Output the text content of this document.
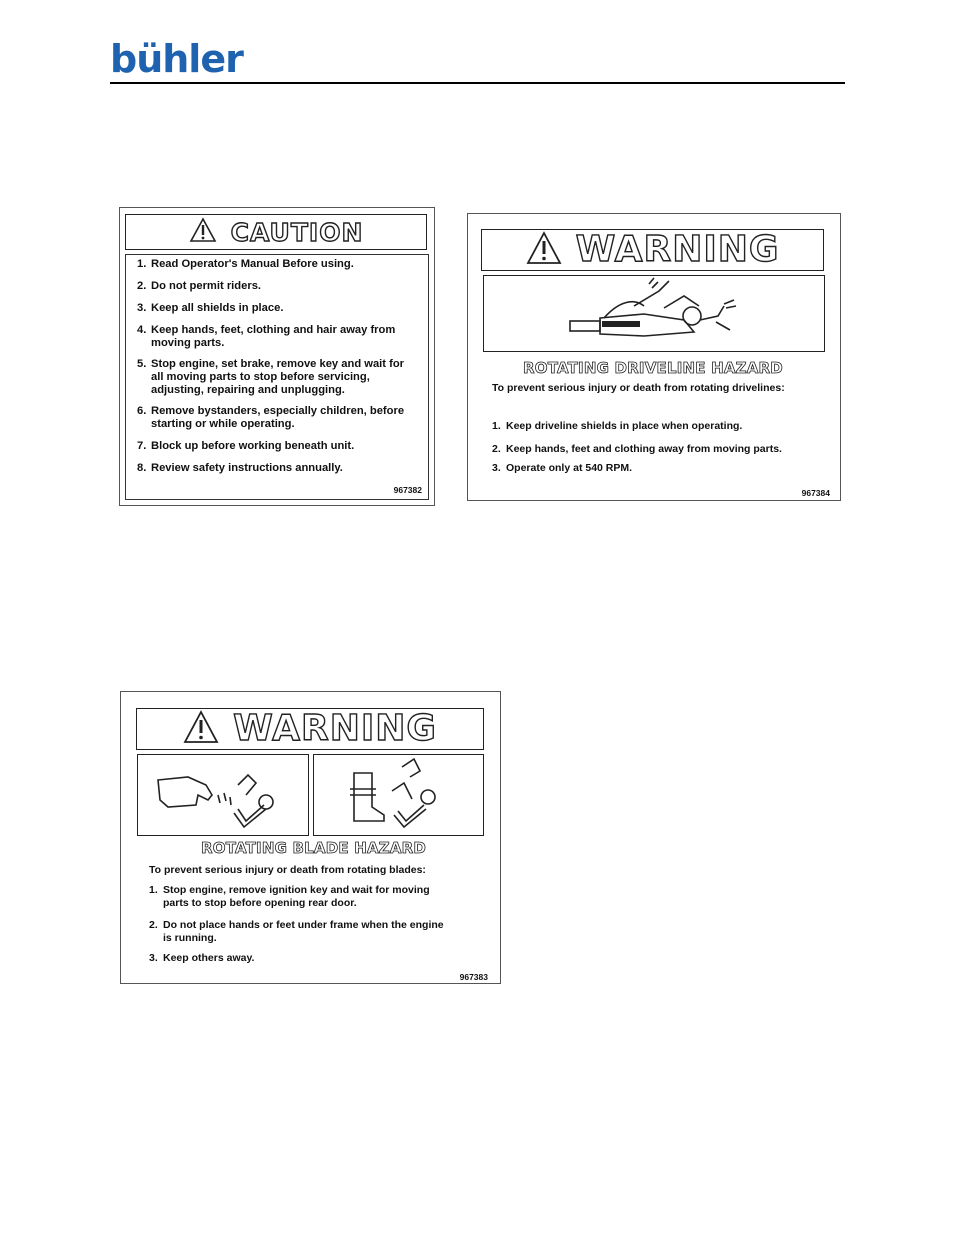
bühler
CAUTION
1. Read Operator's Manual Before using.
2. Do not permit riders.
3. Keep all shields in place.
4. Keep hands, feet, clothing and hair away from moving parts.
5. Stop engine, set brake, remove key and wait for all moving parts to stop before servicing, adjusting, repairing and unplugging.
6. Remove bystanders, especially children, before starting or while operating.
7. Block up before working beneath unit.
8. Review safety instructions annually.
967382
WARNING
ROTATING DRIVELINE HAZARD
To prevent serious injury or death from rotating drivelines:
1. Keep driveline shields in place when operating.
2. Keep hands, feet and clothing away from moving parts.
3. Operate only at 540 RPM.
967384
WARNING
ROTATING BLADE HAZARD
To prevent serious injury or death from rotating blades:
1. Stop engine, remove ignition key and wait for moving parts to stop before opening rear door.
2. Do not place hands or feet under frame when the engine is running.
3. Keep others away.
967383
